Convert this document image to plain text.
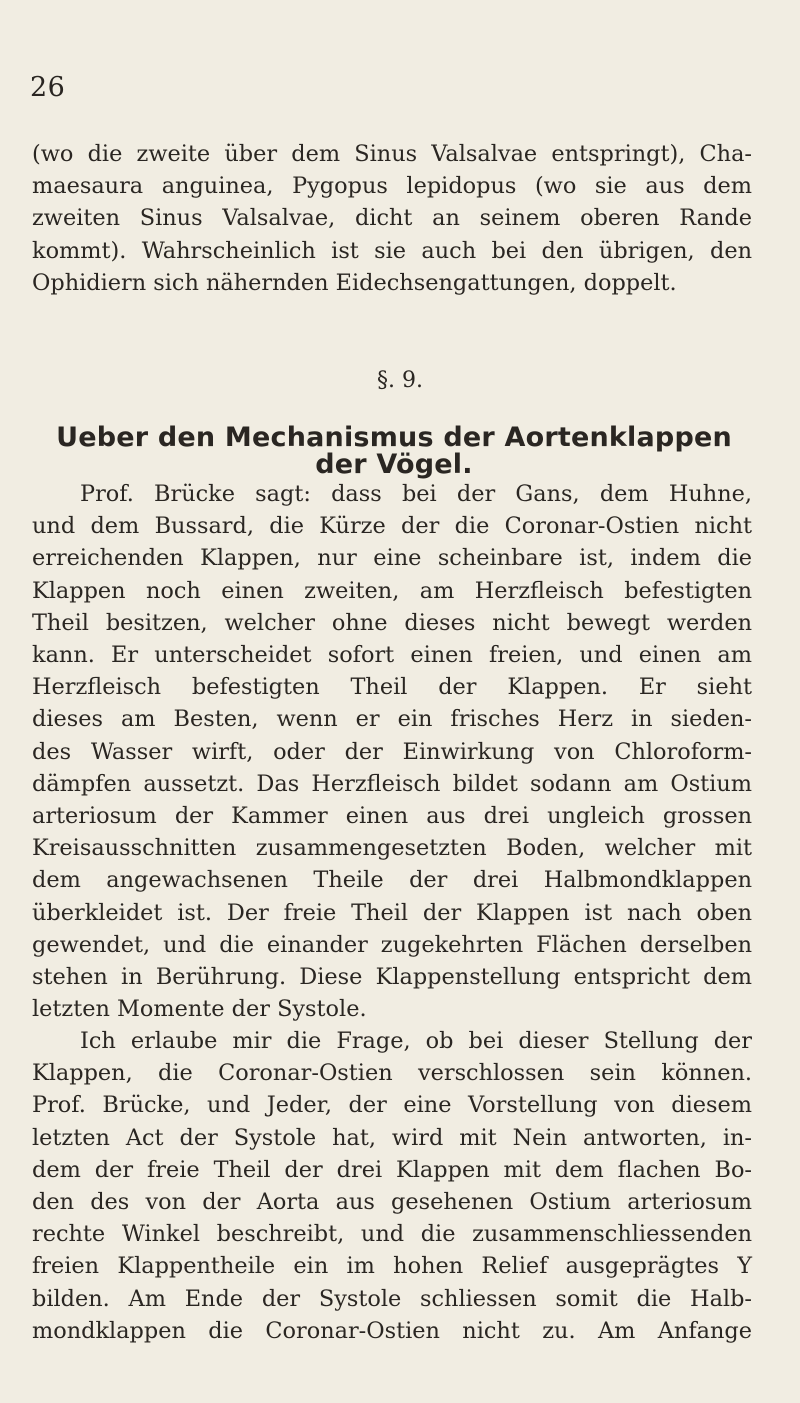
26
(wo die zweite über dem Sinus Valsalvae entspringt), Cha-
maesaura anguinea, Pygopus lepidopus (wo sie aus dem
zweiten Sinus Valsalvae, dicht an seinem oberen Rande
kommt). Wahrscheinlich ist sie auch bei den übrigen, den
Ophidiern sich nähernden Eidechsengattungen, doppelt.
§. 9.
Ueber den Mechanismus der Aortenklappen der Vögel.
Prof. Brücke sagt: dass bei der Gans, dem Huhne,
und dem Bussard, die Kürze der die Coronar-Ostien nicht
erreichenden Klappen, nur eine scheinbare ist, indem die
Klappen noch einen zweiten, am Herzfleisch befestigten
Theil besitzen, welcher ohne dieses nicht bewegt werden
kann. Er unterscheidet sofort einen freien, und einen am
Herzfleisch befestigten Theil der Klappen. Er sieht
dieses am Besten, wenn er ein frisches Herz in sieden-
des Wasser wirft, oder der Einwirkung von Chloroform-
dämpfen aussetzt. Das Herzfleisch bildet sodann am Ostium
arteriosum der Kammer einen aus drei ungleich grossen
Kreisausschnitten zusammengesetzten Boden, welcher mit
dem angewachsenen Theile der drei Halbmondklappen
überkleidet ist. Der freie Theil der Klappen ist nach oben
gewendet, und die einander zugekehrten Flächen derselben
stehen in Berührung. Diese Klappenstellung entspricht dem
letzten Momente der Systole.
Ich erlaube mir die Frage, ob bei dieser Stellung der
Klappen, die Coronar-Ostien verschlossen sein können.
Prof. Brücke, und Jeder, der eine Vorstellung von diesem
letzten Act der Systole hat, wird mit Nein antworten, in-
dem der freie Theil der drei Klappen mit dem flachen Bo-
den des von der Aorta aus gesehenen Ostium arteriosum
rechte Winkel beschreibt, und die zusammenschliessenden
freien Klappentheile ein im hohen Relief ausgeprägtes Y
bilden. Am Ende der Systole schliessen somit die Halb-
mondklappen die Coronar-Ostien nicht zu. Am Anfange
